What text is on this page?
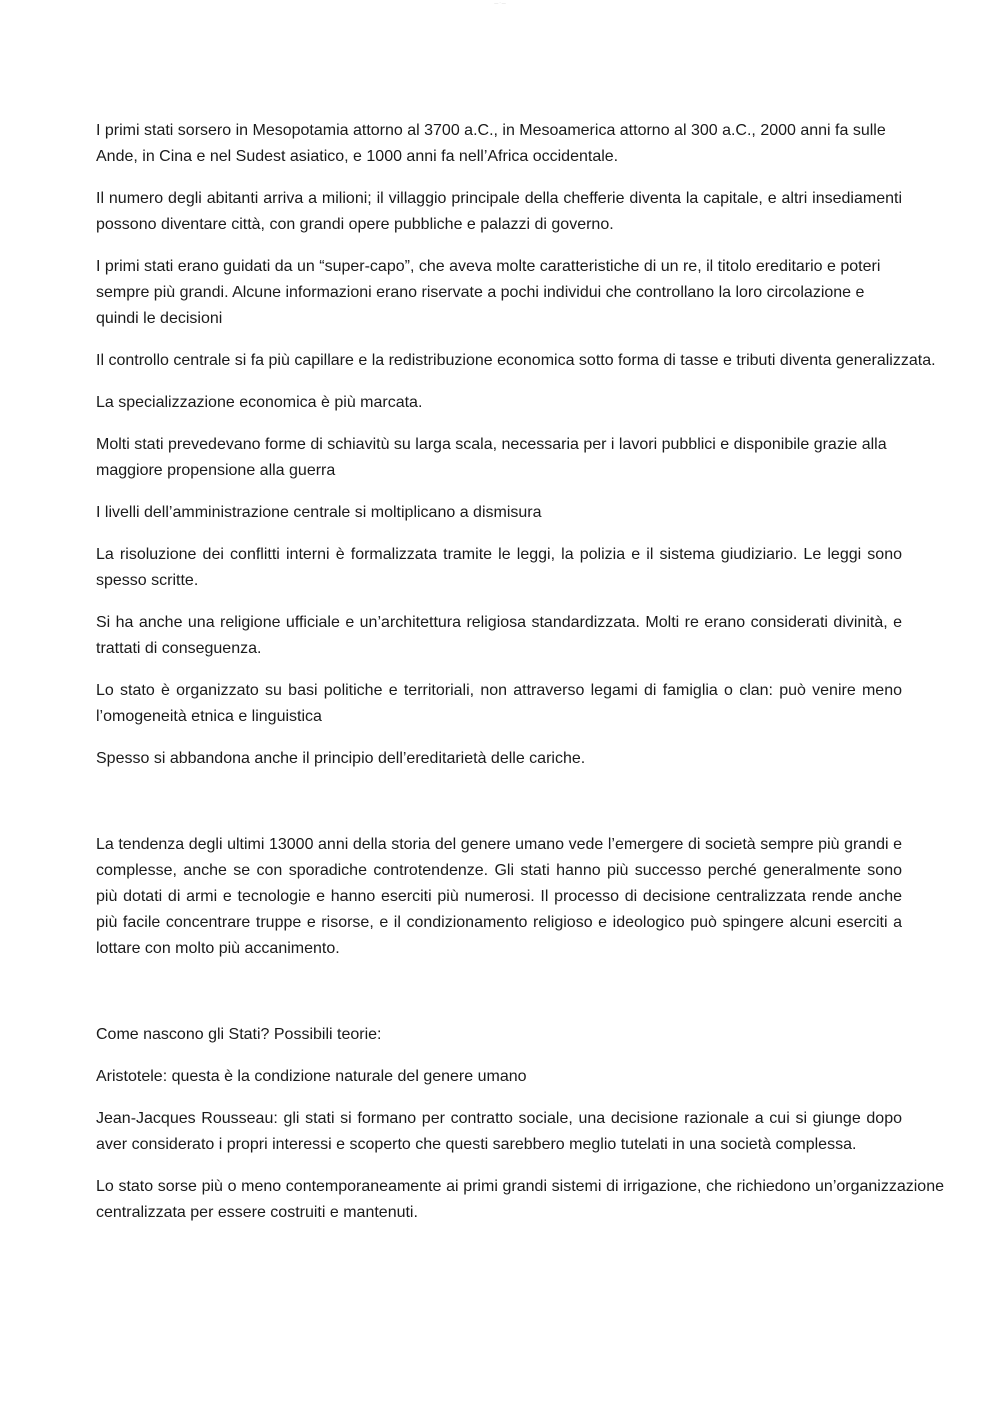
— · —

I primi stati sorsero in Mesopotamia attorno al 3700 a.C., in Mesoamerica attorno al 300 a.C., 2000 anni fa sulle Ande, in Cina e nel Sudest asiatico, e 1000 anni fa nell’Africa occidentale.

Il numero degli abitanti arriva a milioni; il villaggio principale della chefferie diventa la capitale, e altri insediamenti possono diventare città, con grandi opere pubbliche e palazzi di governo.

I primi stati erano guidati da un “super-capo”, che aveva molte caratteristiche di un re, il titolo ereditario e poteri sempre più grandi. Alcune informazioni erano riservate a pochi individui che controllano la loro circolazione e quindi le decisioni

Il controllo centrale si fa più capillare e la redistribuzione economica sotto forma di tasse e tributi diventa generalizzata.

La specializzazione economica è più marcata.

Molti stati prevedevano forme di schiavitù su larga scala, necessaria per i lavori pubblici e disponibile grazie alla maggiore propensione alla guerra

I livelli dell’amministrazione centrale si moltiplicano a dismisura

La risoluzione dei conflitti interni è formalizzata tramite le leggi, la polizia e il sistema giudiziario. Le leggi sono spesso scritte.

Si ha anche una religione ufficiale e un’architettura religiosa standardizzata. Molti re erano considerati divinità, e trattati di conseguenza.

Lo stato è organizzato su basi politiche e territoriali, non attraverso legami di famiglia o clan: può venire meno l’omogeneità etnica e linguistica

Spesso si abbandona anche il principio dell’ereditarietà delle cariche.

La tendenza degli ultimi 13000 anni della storia del genere umano vede l’emergere di società sempre più grandi e complesse, anche se con sporadiche controtendenze. Gli stati hanno più successo perché generalmente sono più dotati di armi e tecnologie e hanno eserciti più numerosi. Il processo di decisione centralizzata rende anche più facile concentrare truppe e risorse, e il condizionamento religioso e ideologico può spingere alcuni eserciti a lottare con molto più accanimento.

Come nascono gli Stati? Possibili teorie:

Aristotele: questa è la condizione naturale del genere umano

Jean-Jacques Rousseau: gli stati si formano per contratto sociale, una decisione razionale a cui si giunge dopo aver considerato i propri interessi e scoperto che questi sarebbero meglio tutelati in una società complessa.

Lo stato sorse più o meno contemporaneamente ai primi grandi sistemi di irrigazione, che richiedono un’organizzazione centralizzata per essere costruiti e mantenuti.
